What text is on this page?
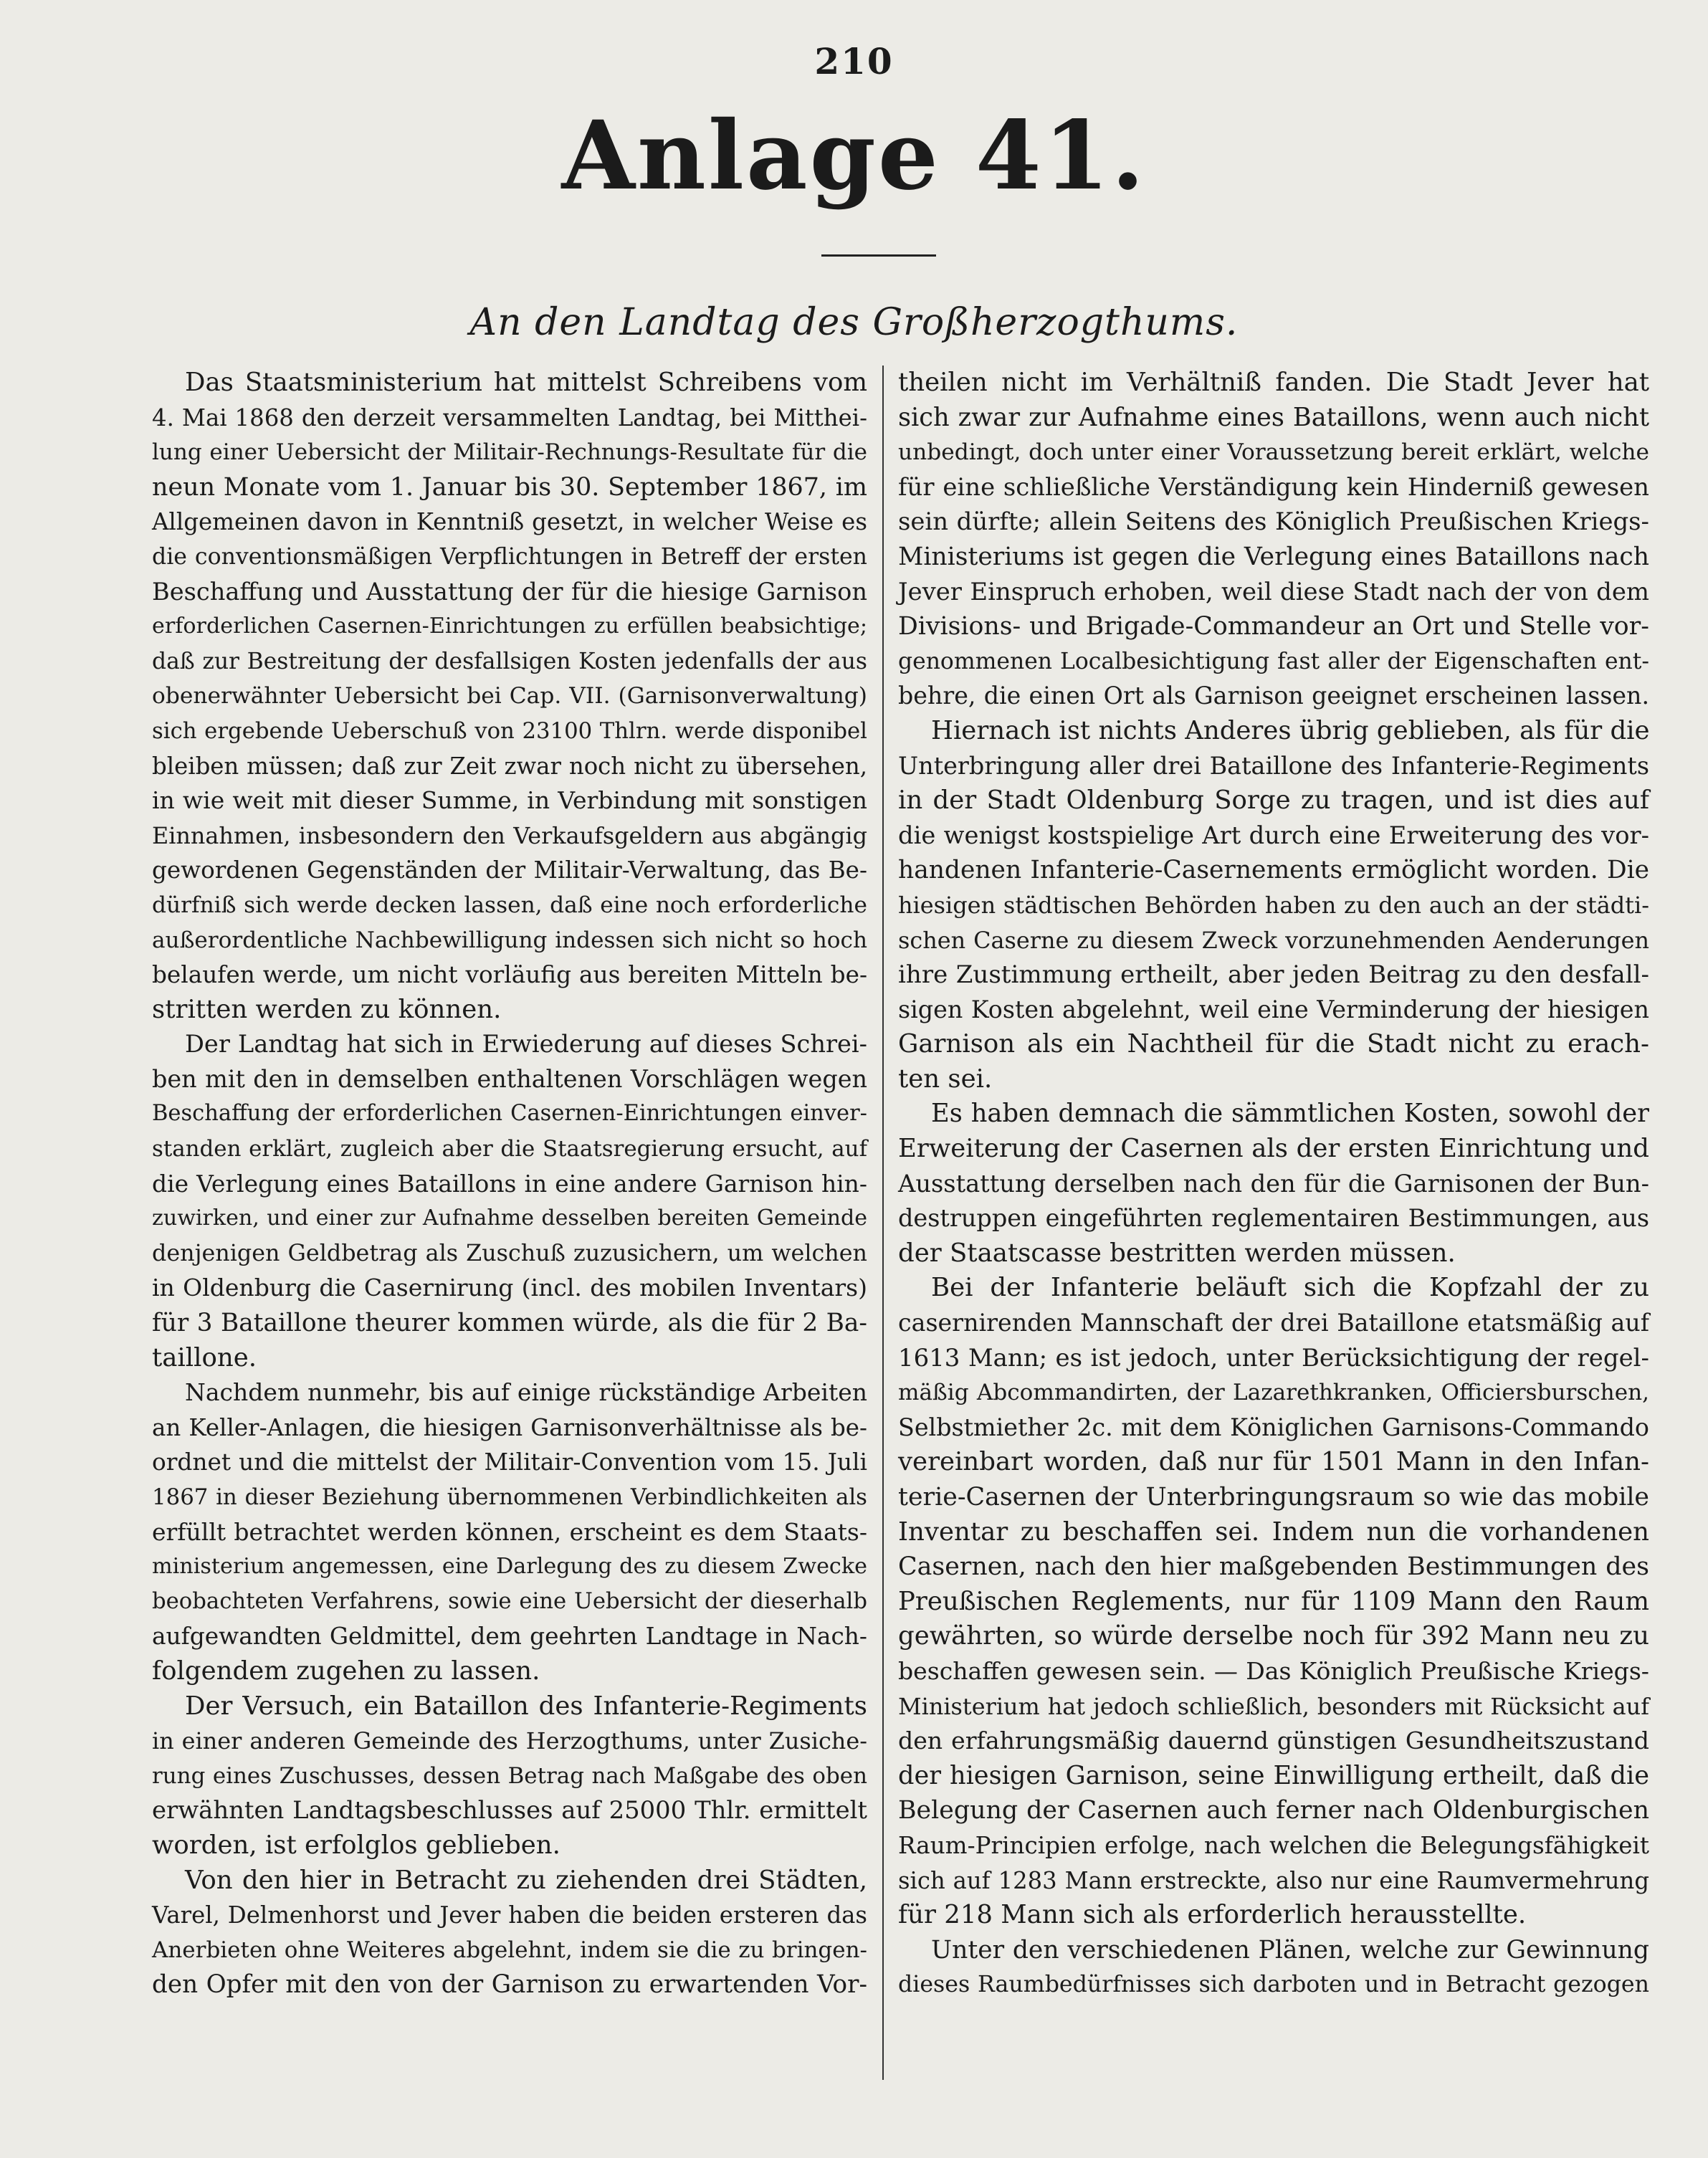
210
Anlage 41.
An den Landtag des Großherzogthums.
Das Staatsministerium hat mittelst Schreibens vom
4. Mai 1868 den derzeit versammelten Landtag, bei Mitthei-
lung einer Uebersicht der Militair-Rechnungs-Resultate für die
neun Monate vom 1. Januar bis 30. September 1867, im
Allgemeinen davon in Kenntniß gesetzt, in welcher Weise es
die conventionsmäßigen Verpflichtungen in Betreff der ersten
Beschaffung und Ausstattung der für die hiesige Garnison
erforderlichen Casernen-Einrichtungen zu erfüllen beabsichtige;
daß zur Bestreitung der desfallsigen Kosten jedenfalls der aus
obenerwähnter Uebersicht bei Cap. VII. (Garnisonverwaltung)
sich ergebende Ueberschuß von 23100 Thlrn. werde disponibel
bleiben müssen; daß zur Zeit zwar noch nicht zu übersehen,
in wie weit mit dieser Summe, in Verbindung mit sonstigen
Einnahmen, insbesondern den Verkaufsgeldern aus abgängig
gewordenen Gegenständen der Militair-Verwaltung, das Be-
dürfniß sich werde decken lassen, daß eine noch erforderliche
außerordentliche Nachbewilligung indessen sich nicht so hoch
belaufen werde, um nicht vorläufig aus bereiten Mitteln be-
stritten werden zu können.
Der Landtag hat sich in Erwiederung auf dieses Schrei-
ben mit den in demselben enthaltenen Vorschlägen wegen
Beschaffung der erforderlichen Casernen-Einrichtungen einver-
standen erklärt, zugleich aber die Staatsregierung ersucht, auf
die Verlegung eines Bataillons in eine andere Garnison hin-
zuwirken, und einer zur Aufnahme desselben bereiten Gemeinde
denjenigen Geldbetrag als Zuschuß zuzusichern, um welchen
in Oldenburg die Casernirung (incl. des mobilen Inventars)
für 3 Bataillone theurer kommen würde, als die für 2 Ba-
taillone.
Nachdem nunmehr, bis auf einige rückständige Arbeiten
an Keller-Anlagen, die hiesigen Garnisonverhältnisse als be-
ordnet und die mittelst der Militair-Convention vom 15. Juli
1867 in dieser Beziehung übernommenen Verbindlichkeiten als
erfüllt betrachtet werden können, erscheint es dem Staats-
ministerium angemessen, eine Darlegung des zu diesem Zwecke
beobachteten Verfahrens, sowie eine Uebersicht der dieserhalb
aufgewandten Geldmittel, dem geehrten Landtage in Nach-
folgendem zugehen zu lassen.
Der Versuch, ein Bataillon des Infanterie-Regiments
in einer anderen Gemeinde des Herzogthums, unter Zusiche-
rung eines Zuschusses, dessen Betrag nach Maßgabe des oben
erwähnten Landtagsbeschlusses auf 25000 Thlr. ermittelt
worden, ist erfolglos geblieben.
Von den hier in Betracht zu ziehenden drei Städten,
Varel, Delmenhorst und Jever haben die beiden ersteren das
Anerbieten ohne Weiteres abgelehnt, indem sie die zu bringen-
den Opfer mit den von der Garnison zu erwartenden Vor-
theilen nicht im Verhältniß fanden. Die Stadt Jever hat
sich zwar zur Aufnahme eines Bataillons, wenn auch nicht
unbedingt, doch unter einer Voraussetzung bereit erklärt, welche
für eine schließliche Verständigung kein Hinderniß gewesen
sein dürfte; allein Seitens des Königlich Preußischen Kriegs-
Ministeriums ist gegen die Verlegung eines Bataillons nach
Jever Einspruch erhoben, weil diese Stadt nach der von dem
Divisions- und Brigade-Commandeur an Ort und Stelle vor-
genommenen Localbesichtigung fast aller der Eigenschaften ent-
behre, die einen Ort als Garnison geeignet erscheinen lassen.
Hiernach ist nichts Anderes übrig geblieben, als für die
Unterbringung aller drei Bataillone des Infanterie-Regiments
in der Stadt Oldenburg Sorge zu tragen, und ist dies auf
die wenigst kostspielige Art durch eine Erweiterung des vor-
handenen Infanterie-Casernements ermöglicht worden. Die
hiesigen städtischen Behörden haben zu den auch an der städti-
schen Caserne zu diesem Zweck vorzunehmenden Aenderungen
ihre Zustimmung ertheilt, aber jeden Beitrag zu den desfall-
sigen Kosten abgelehnt, weil eine Verminderung der hiesigen
Garnison als ein Nachtheil für die Stadt nicht zu erach-
ten sei.
Es haben demnach die sämmtlichen Kosten, sowohl der
Erweiterung der Casernen als der ersten Einrichtung und
Ausstattung derselben nach den für die Garnisonen der Bun-
destruppen eingeführten reglementairen Bestimmungen, aus
der Staatscasse bestritten werden müssen.
Bei der Infanterie beläuft sich die Kopfzahl der zu
casernirenden Mannschaft der drei Bataillone etatsmäßig auf
1613 Mann; es ist jedoch, unter Berücksichtigung der regel-
mäßig Abcommandirten, der Lazarethkranken, Officiersburschen,
Selbstmiether 2c. mit dem Königlichen Garnisons-Commando
vereinbart worden, daß nur für 1501 Mann in den Infan-
terie-Casernen der Unterbringungsraum so wie das mobile
Inventar zu beschaffen sei. Indem nun die vorhandenen
Casernen, nach den hier maßgebenden Bestimmungen des
Preußischen Reglements, nur für 1109 Mann den Raum
gewährten, so würde derselbe noch für 392 Mann neu zu
beschaffen gewesen sein. — Das Königlich Preußische Kriegs-
Ministerium hat jedoch schließlich, besonders mit Rücksicht auf
den erfahrungsmäßig dauernd günstigen Gesundheitszustand
der hiesigen Garnison, seine Einwilligung ertheilt, daß die
Belegung der Casernen auch ferner nach Oldenburgischen
Raum-Principien erfolge, nach welchen die Belegungsfähigkeit
sich auf 1283 Mann erstreckte, also nur eine Raumvermehrung
für 218 Mann sich als erforderlich herausstellte.
Unter den verschiedenen Plänen, welche zur Gewinnung
dieses Raumbedürfnisses sich darboten und in Betracht gezogen
